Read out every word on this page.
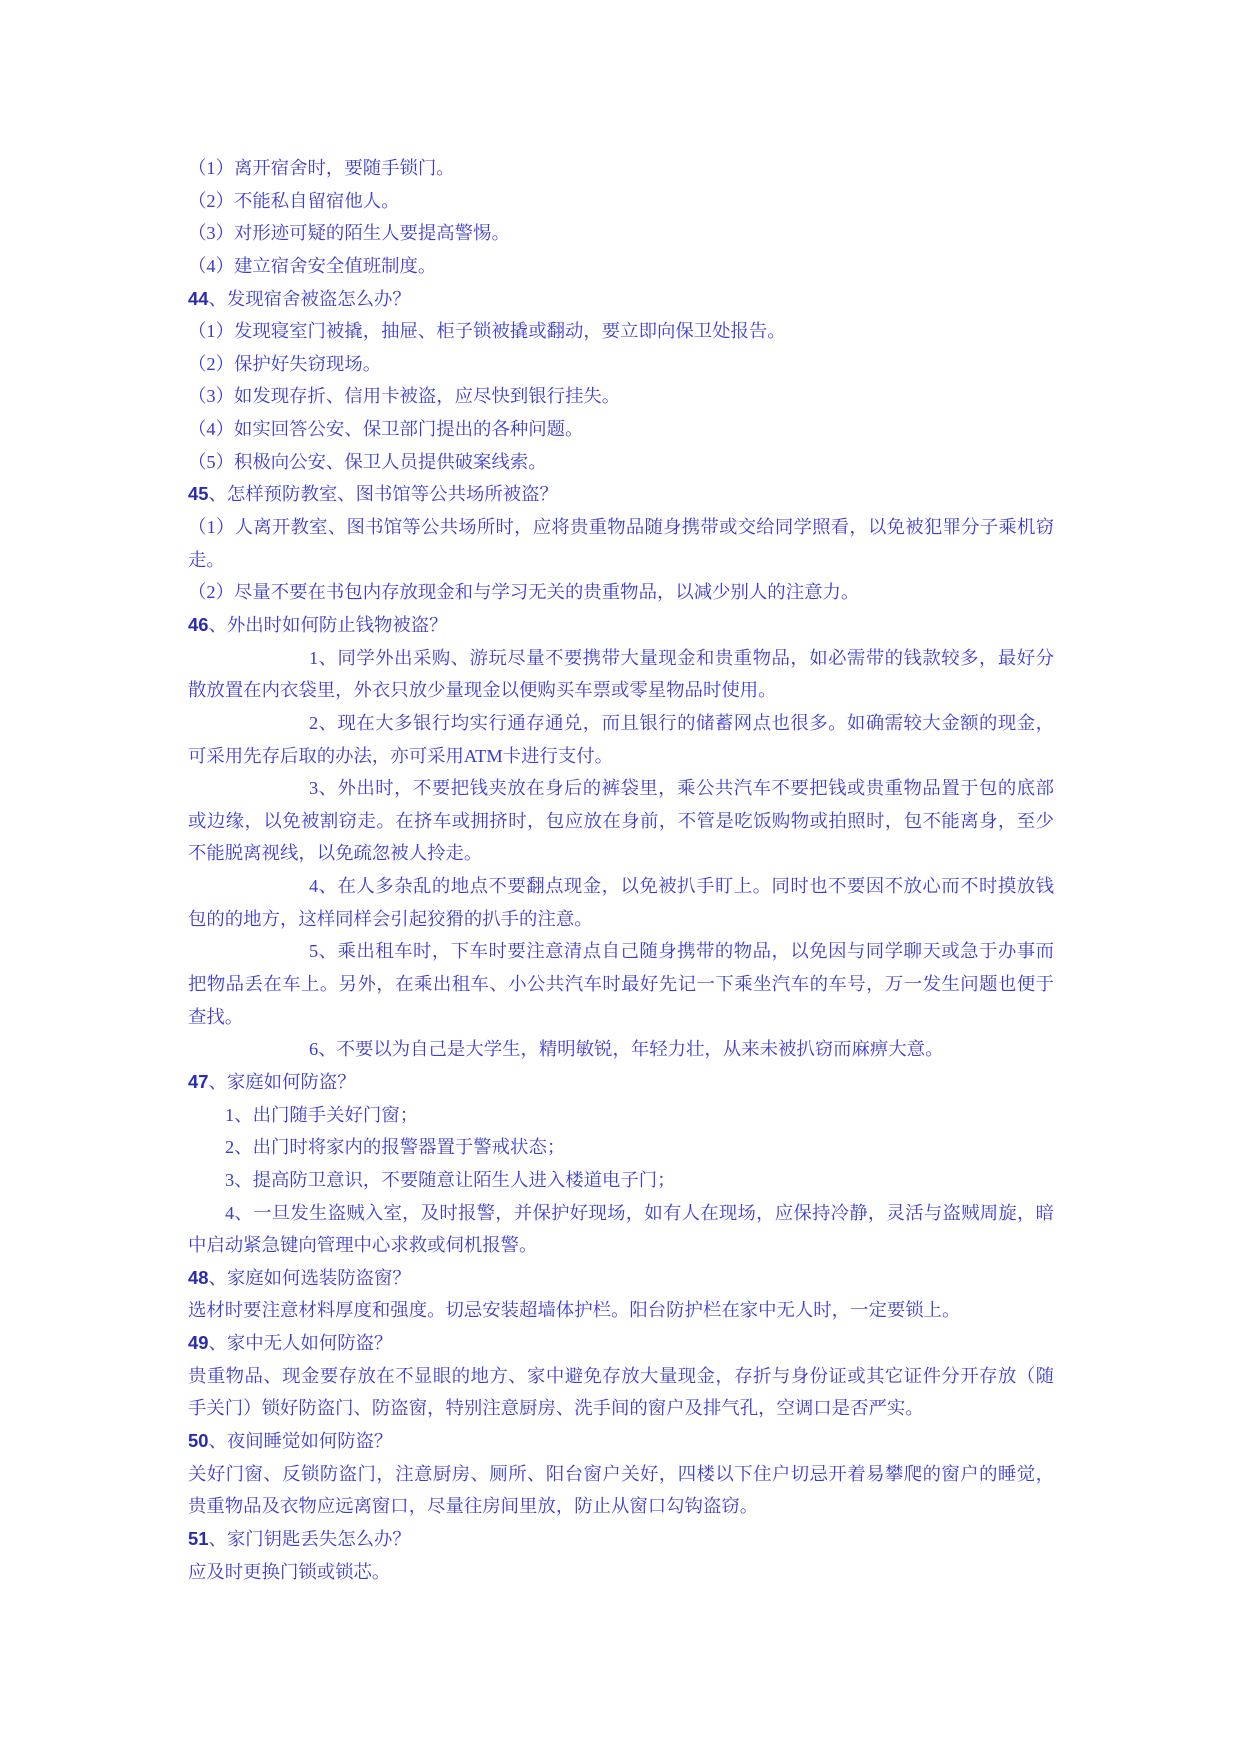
（1）离开宿舍时，要随手锁门。
（2）不能私自留宿他人。
（3）对形迹可疑的陌生人要提高警惕。
（4）建立宿舍安全值班制度。
44、发现宿舍被盗怎么办？
（1）发现寝室门被撬，抽屉、柜子锁被撬或翻动，要立即向保卫处报告。
（2）保护好失窃现场。
（3）如发现存折、信用卡被盗，应尽快到银行挂失。
（4）如实回答公安、保卫部门提出的各种问题。
（5）积极向公安、保卫人员提供破案线索。
45、怎样预防教室、图书馆等公共场所被盗？
（1）人离开教室、图书馆等公共场所时，应将贵重物品随身携带或交给同学照看，以免被犯罪分子乘机窃
走。
（2）尽量不要在书包内存放现金和与学习无关的贵重物品，以减少别人的注意力。
46、外出时如何防止钱物被盗？
1、同学外出采购、游玩尽量不要携带大量现金和贵重物品，如必需带的钱款较多，最好分
散放置在内衣袋里，外衣只放少量现金以便购买车票或零星物品时使用。
2、现在大多银行均实行通存通兑，而且银行的储蓄网点也很多。如确需较大金额的现金，
可采用先存后取的办法，亦可采用ATM卡进行支付。
3、外出时，不要把钱夹放在身后的裤袋里，乘公共汽车不要把钱或贵重物品置于包的底部
或边缘，以免被割窃走。在挤车或拥挤时，包应放在身前，不管是吃饭购物或拍照时，包不能离身，至少
不能脱离视线，以免疏忽被人拎走。
4、在人多杂乱的地点不要翻点现金，以免被扒手盯上。同时也不要因不放心而不时摸放钱
包的的地方，这样同样会引起狡猾的扒手的注意。
5、乘出租车时，下车时要注意清点自己随身携带的物品，以免因与同学聊天或急于办事而
把物品丢在车上。另外，在乘出租车、小公共汽车时最好先记一下乘坐汽车的车号，万一发生问题也便于
查找。
6、不要以为自己是大学生，精明敏锐，年轻力壮，从来未被扒窃而麻痹大意。
47、家庭如何防盗？
1、出门随手关好门窗；
2、出门时将家内的报警器置于警戒状态；
3、提高防卫意识，不要随意让陌生人进入楼道电子门；
4、一旦发生盗贼入室，及时报警，并保护好现场，如有人在现场，应保持冷静，灵活与盗贼周旋，暗
中启动紧急键向管理中心求救或伺机报警。
48、家庭如何选装防盗窗？
选材时要注意材料厚度和强度。切忌安装超墙体护栏。阳台防护栏在家中无人时，一定要锁上。
49、家中无人如何防盗？
贵重物品、现金要存放在不显眼的地方、家中避免存放大量现金，存折与身份证或其它证件分开存放（随
手关门）锁好防盗门、防盗窗，特别注意厨房、洗手间的窗户及排气孔，空调口是否严实。
50、夜间睡觉如何防盗？
关好门窗、反锁防盗门，注意厨房、厕所、阳台窗户关好，四楼以下住户切忌开着易攀爬的窗户的睡觉，
贵重物品及衣物应远离窗口，尽量往房间里放，防止从窗口勾钩盗窃。
51、家门钥匙丢失怎么办？
应及时更换门锁或锁芯。
